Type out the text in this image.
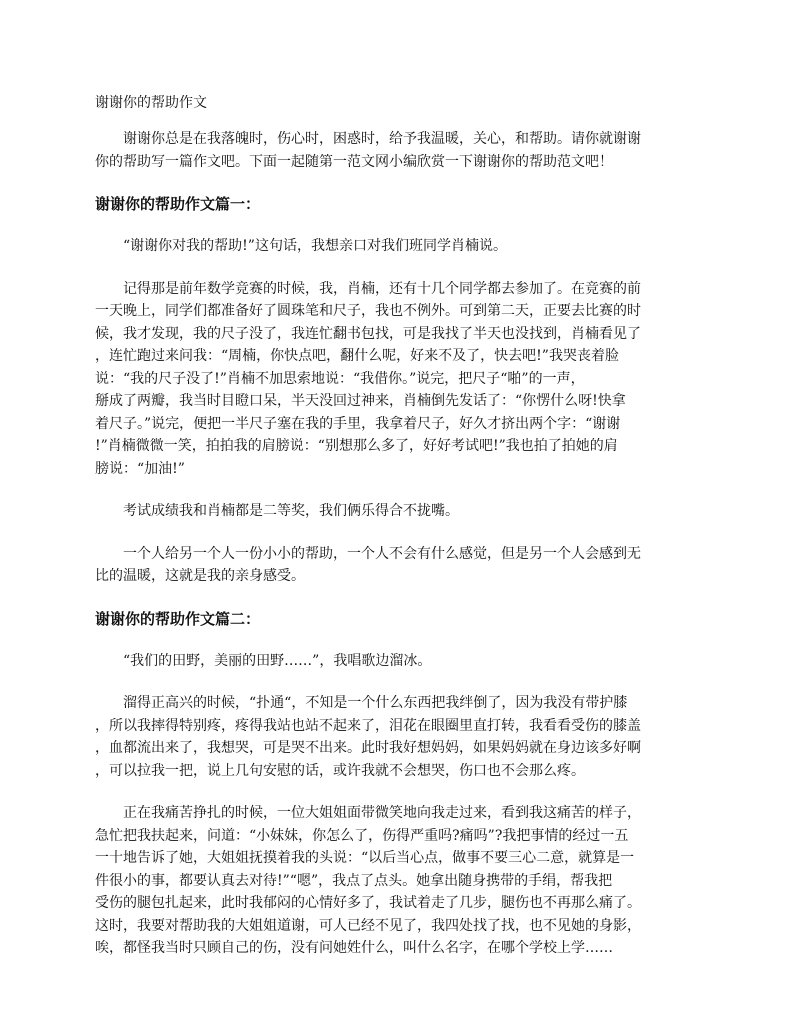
谢谢你的帮助作文

谢谢你总是在我落魄时，伤心时，困惑时，给予我温暖，关心，和帮助。请你就谢谢
你的帮助写一篇作文吧。下面一起随第一范文网小编欣赏一下谢谢你的帮助范文吧！

谢谢你的帮助作文篇一：

“谢谢你对我的帮助!”这句话，我想亲口对我们班同学肖楠说。

记得那是前年数学竞赛的时候，我，肖楠，还有十几个同学都去参加了。在竞赛的前
一天晚上，同学们都准备好了圆珠笔和尺子，我也不例外。可到第二天，正要去比赛的时
候，我才发现，我的尺子没了，我连忙翻书包找，可是我找了半天也没找到，肖楠看见了
，连忙跑过来问我：“周楠，你快点吧，翻什么呢，好来不及了，快去吧!”我哭丧着脸
说：“我的尺子没了!”肖楠不加思索地说：“我借你。”说完，把尺子“啪”的一声，
掰成了两瓣，我当时目瞪口呆，半天没回过神来，肖楠倒先发话了：“你愣什么呀!快拿
着尺子。”说完，便把一半尺子塞在我的手里，我拿着尺子，好久才挤出两个字：“谢谢
!”肖楠微微一笑，拍拍我的肩膀说：“别想那么多了，好好考试吧!”我也拍了拍她的肩
膀说：“加油!”

考试成绩我和肖楠都是二等奖，我们俩乐得合不拢嘴。

一个人给另一个人一份小小的帮助，一个人不会有什么感觉，但是另一个人会感到无
比的温暖，这就是我的亲身感受。

谢谢你的帮助作文篇二：

“我们的田野，美丽的田野……”，我唱歌边溜冰。

溜得正高兴的时候，“扑通“，不知是一个什么东西把我绊倒了，因为我没有带护膝
，所以我摔得特别疼，疼得我站也站不起来了，泪花在眼圈里直打转，我看看受伤的膝盖
，血都流出来了，我想哭，可是哭不出来。此时我好想妈妈，如果妈妈就在身边该多好啊
，可以拉我一把，说上几句安慰的话，或许我就不会想哭，伤口也不会那么疼。

正在我痛苦挣扎的时候，一位大姐姐面带微笑地向我走过来，看到我这痛苦的样子，
急忙把我扶起来，问道：“小妹妹，你怎么了，伤得严重吗?痛吗”?我把事情的经过一五
一十地告诉了她，大姐姐抚摸着我的头说：“以后当心点，做事不要三心二意，就算是一
件很小的事，都要认真去对待!”“嗯”，我点了点头。她拿出随身携带的手绢，帮我把
受伤的腿包扎起来，此时我郁闷的心情好多了，我试着走了几步，腿伤也不再那么痛了。
这时，我要对帮助我的大姐姐道谢，可人已经不见了，我四处找了找，也不见她的身影，
唉，都怪我当时只顾自己的伤，没有问她姓什么，叫什么名字，在哪个学校上学……
